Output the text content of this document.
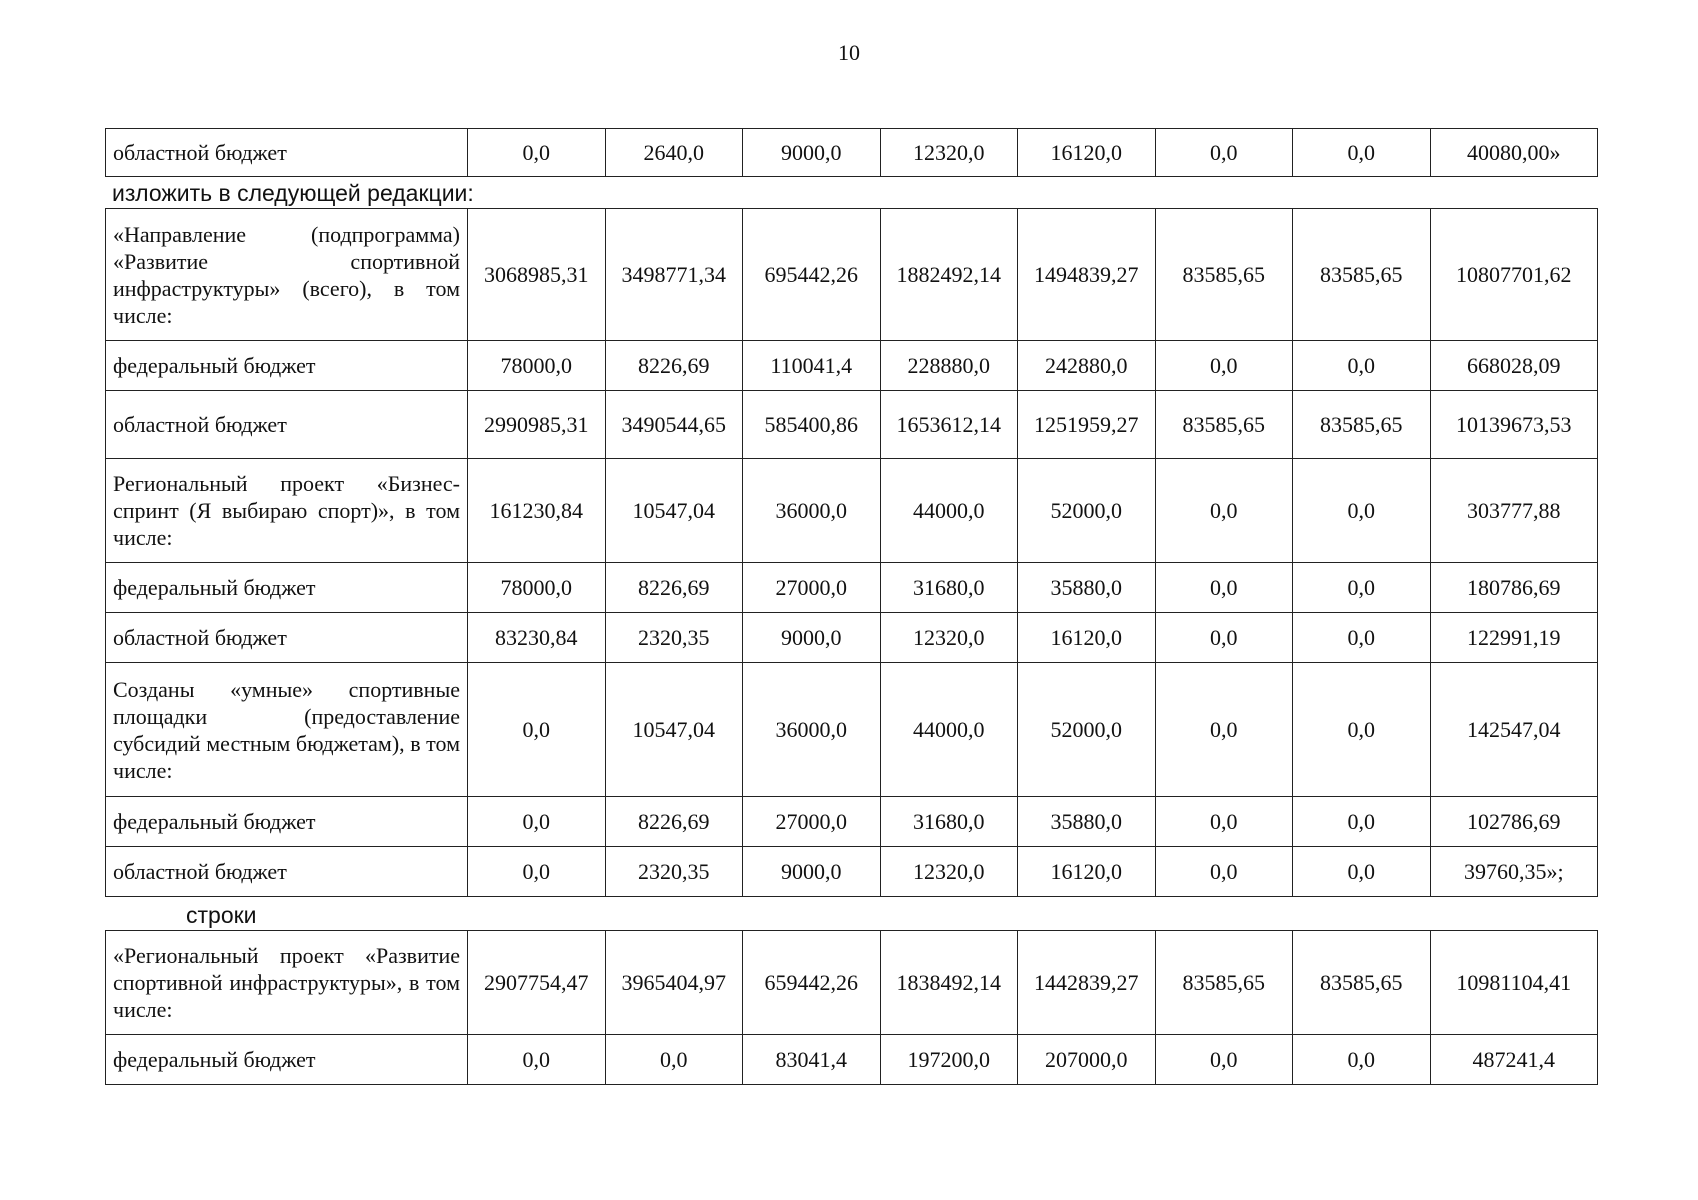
10
областной бюджет	0,0	2640,0	9000,0	12320,0	16120,0	0,0	0,0	40080,00»
изложить в следующей редакции:
«Направление (подпрограмма) «Развитие спортивной инфраструктуры» (всего), в том числе:	3068985,31	3498771,34	695442,26	1882492,14	1494839,27	83585,65	83585,65	10807701,62
федеральный бюджет	78000,0	8226,69	110041,4	228880,0	242880,0	0,0	0,0	668028,09
областной бюджет	2990985,31	3490544,65	585400,86	1653612,14	1251959,27	83585,65	83585,65	10139673,53
Региональный проект «Бизнес-спринт (Я выбираю спорт)», в том числе:	161230,84	10547,04	36000,0	44000,0	52000,0	0,0	0,0	303777,88
федеральный бюджет	78000,0	8226,69	27000,0	31680,0	35880,0	0,0	0,0	180786,69
областной бюджет	83230,84	2320,35	9000,0	12320,0	16120,0	0,0	0,0	122991,19
Созданы «умные» спортивные площадки (предоставление субсидий местным бюджетам), в том числе:	0,0	10547,04	36000,0	44000,0	52000,0	0,0	0,0	142547,04
федеральный бюджет	0,0	8226,69	27000,0	31680,0	35880,0	0,0	0,0	102786,69
областной бюджет	0,0	2320,35	9000,0	12320,0	16120,0	0,0	0,0	39760,35»;
строки
«Региональный проект «Развитие спортивной инфраструктуры», в том числе:	2907754,47	3965404,97	659442,26	1838492,14	1442839,27	83585,65	83585,65	10981104,41
федеральный бюджет	0,0	0,0	83041,4	197200,0	207000,0	0,0	0,0	487241,4
